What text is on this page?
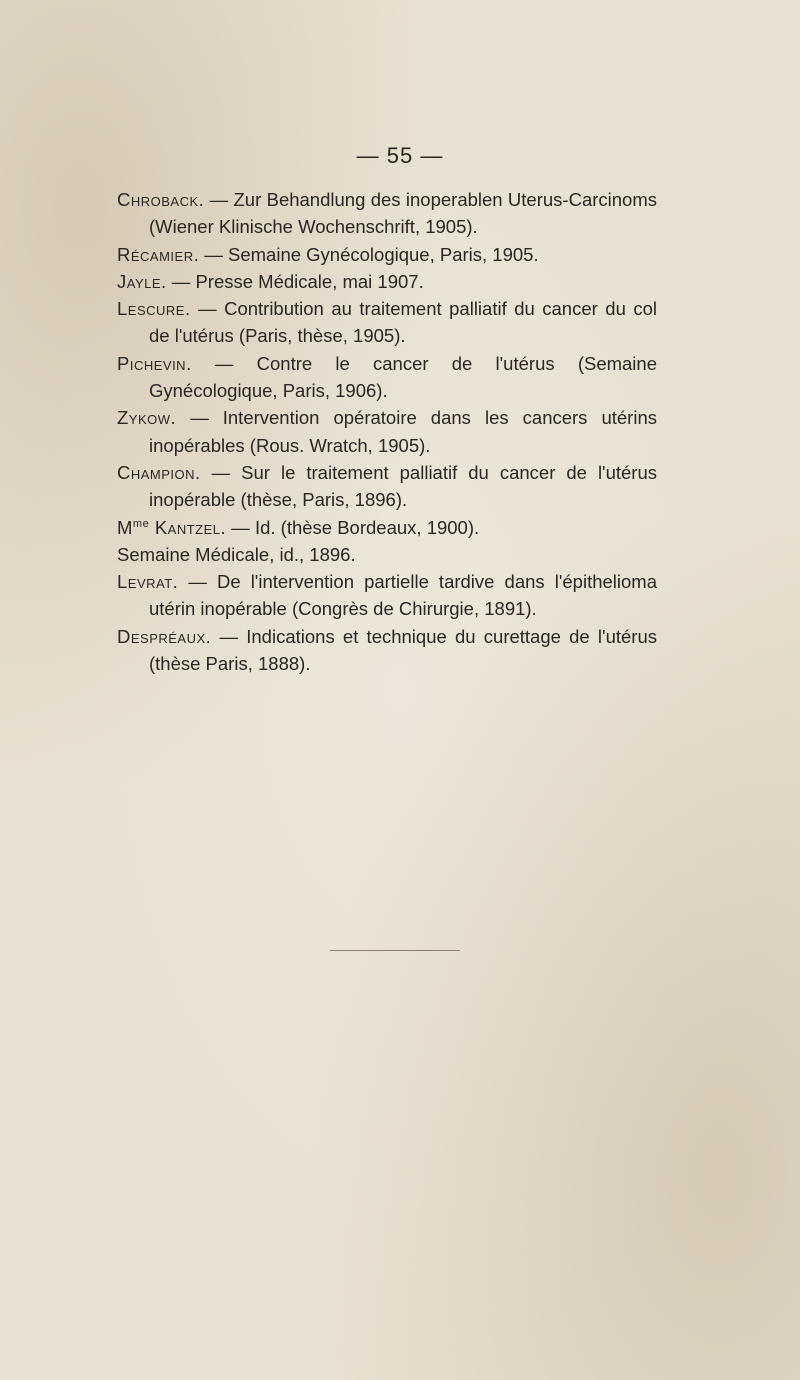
— 55 —
Chroback. — Zur Behandlung des inoperablen Uterus-Carcinoms (Wiener Klinische Wochenschrift, 1905).
Récamier. — Semaine Gynécologique, Paris, 1905.
Jayle. — Presse Médicale, mai 1907.
Lescure. — Contribution au traitement palliatif du cancer du col de l'utérus (Paris, thèse, 1905).
Pichevin. — Contre le cancer de l'utérus (Semaine Gynécologique, Paris, 1906).
Zykow. — Intervention opératoire dans les cancers utérins inopérables (Rous. Wratch, 1905).
Champion. — Sur le traitement palliatif du cancer de l'utérus inopérable (thèse, Paris, 1896).
$M^{me}$ Kantzel. — Id. (thèse Bordeaux, 1900).
Semaine Médicale, id., 1896.
Levrat. — De l'intervention partielle tardive dans l'épithelioma utérin inopérable (Congrès de Chirurgie, 1891).
Despréaux. — Indications et technique du curettage de l'utérus (thèse Paris, 1888).
